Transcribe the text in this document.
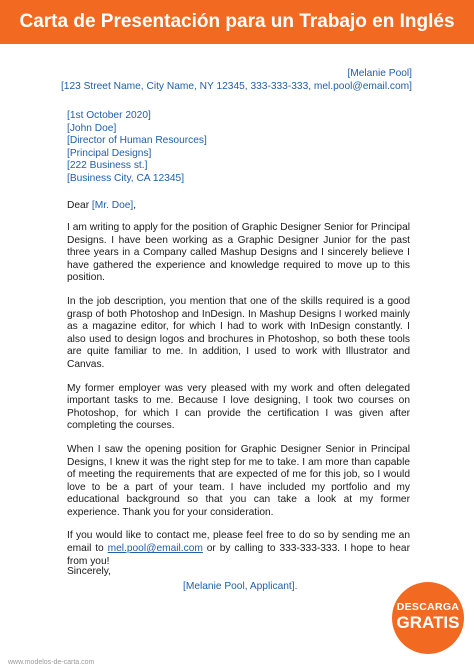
Carta de Presentación para un Trabajo en Inglés
[Melanie Pool]
[123 Street Name, City Name, NY 12345, 333-333-333, mel.pool@email.com]
[1st October 2020]
[John Doe]
[Director of Human Resources]
[Principal Designs]
[222 Business st.]
[Business City, CA 12345]
Dear [Mr. Doe],

I am writing to apply for the position of Graphic Designer Senior for Principal Designs. I have been working as a Graphic Designer Junior for the past three years in a Company called Mashup Designs and I sincerely believe I have gathered the experience and knowledge required to move up to this position.

In the job description, you mention that one of the skills required is a good grasp of both Photoshop and InDesign. In Mashup Designs I worked mainly as a magazine editor, for which I had to work with InDesign constantly. I also used to design logos and brochures in Photoshop, so both these tools are quite familiar to me. In addition, I used to work with Illustrator and Canvas.

My former employer was very pleased with my work and often delegated important tasks to me. Because I love designing, I took two courses on Photoshop, for which I can provide the certification I was given after completing the courses.

When I saw the opening position for Graphic Designer Senior in Principal Designs, I knew it was the right step for me to take. I am more than capable of meeting the requirements that are expected of me for this job, so I would love to be a part of your team. I have included my portfolio and my educational background so that you can take a look at my former experience. Thank you for your consideration.

If you would like to contact me, please feel free to do so by sending me an email to mel.pool@email.com or by calling to 333-333-333. I hope to hear from you!

Sincerely,
[Melanie Pool, Applicant].
DESCARGA
GRATIS
www.modelos-de-carta.com
